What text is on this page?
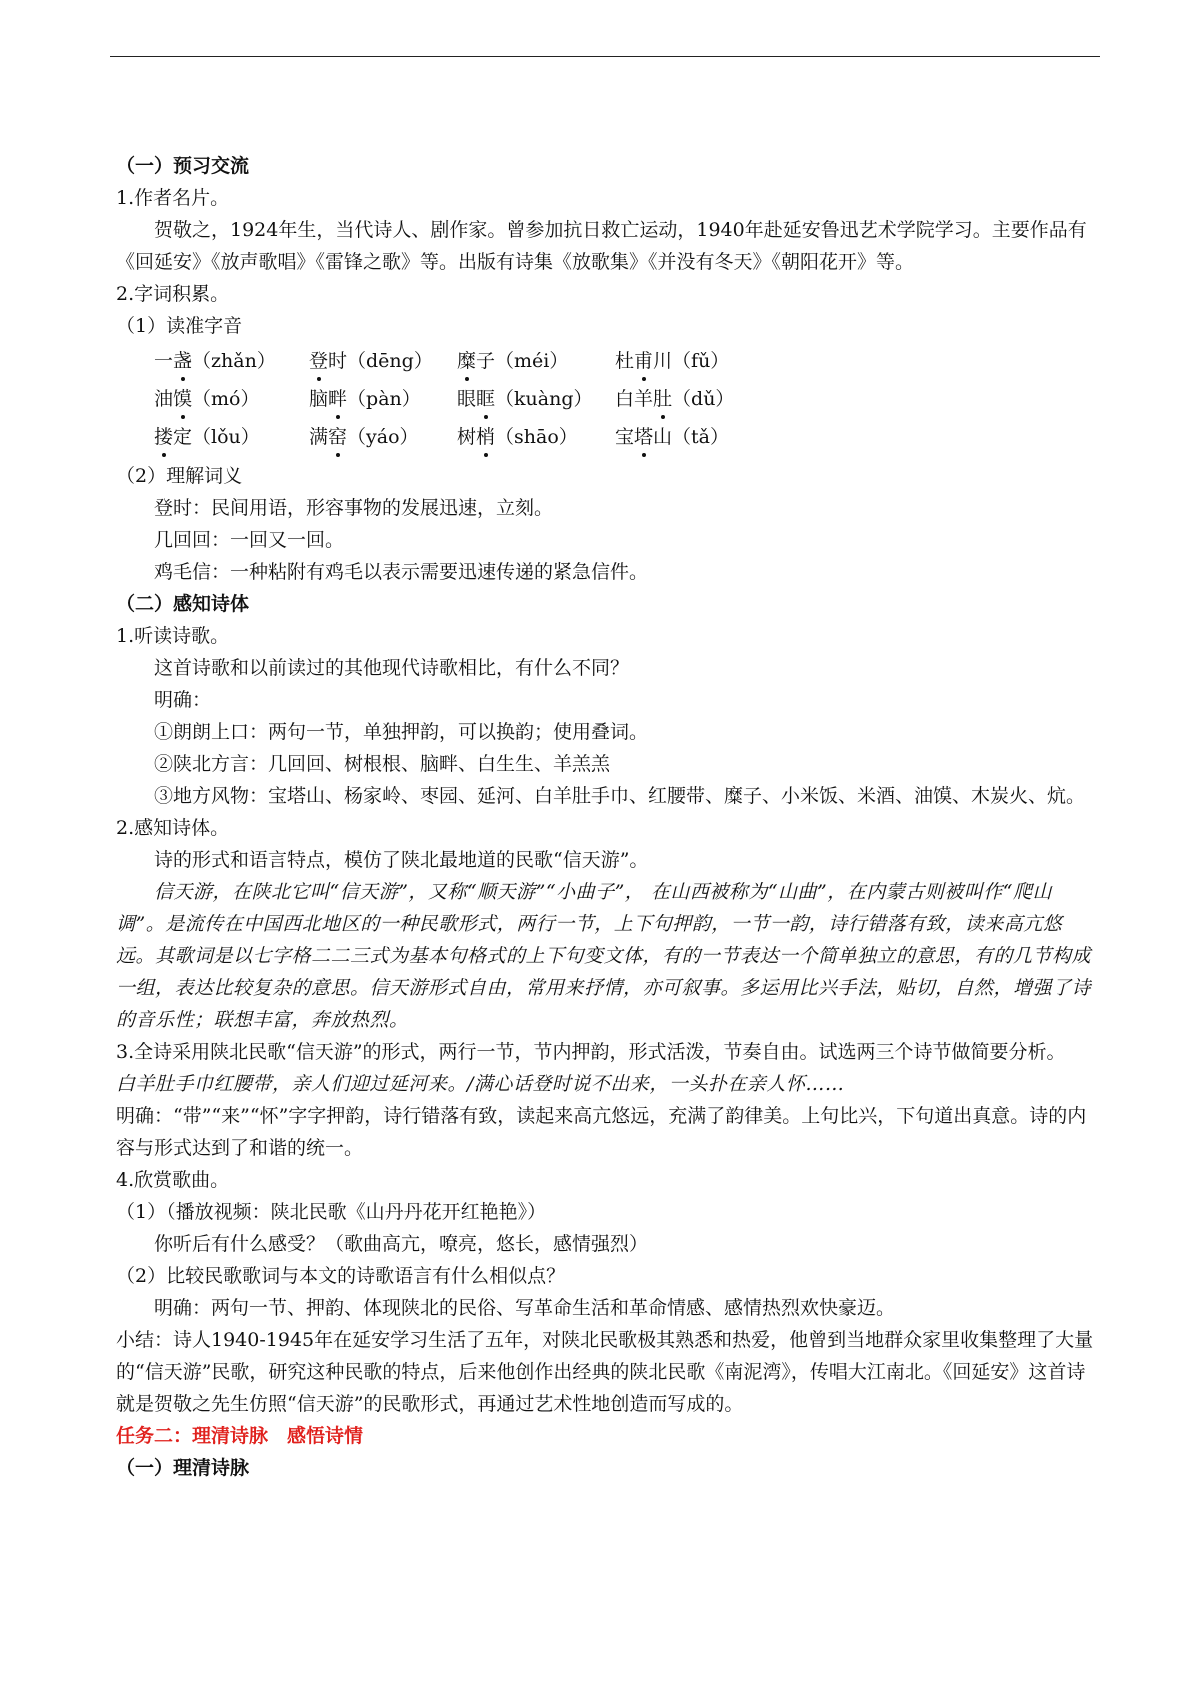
（一）预习交流
1.作者名片。
贺敬之，1924年生，当代诗人、剧作家。曾参加抗日救亡运动，1940年赴延安鲁迅艺术学院学习。主要作品有《回延安》《放声歌唱》《雷锋之歌》等。出版有诗集《放歌集》《并没有冬天》《朝阳花开》等。
2.字词积累。
（1）读准字音
一盏（zhǎn）	登时（dēng）	糜子（méi）	杜甫川（fǔ）
油馍（mó）	脑畔（pàn）	眼眶（kuàng）	白羊肚（dǔ）
搂定（lǒu）	满窑（yáo）	树梢（shāo）	宝塔山（tǎ）
（2）理解词义
登时：民间用语，形容事物的发展迅速，立刻。
几回回：一回又一回。
鸡毛信：一种粘附有鸡毛以表示需要迅速传递的紧急信件。
（二）感知诗体
1.听读诗歌。
这首诗歌和以前读过的其他现代诗歌相比，有什么不同？
明确：
①朗朗上口：两句一节，单独押韵，可以换韵；使用叠词。
②陕北方言：几回回、树根根、脑畔、白生生、羊羔羔
③地方风物：宝塔山、杨家岭、枣园、延河、白羊肚手巾、红腰带、糜子、小米饭、米酒、油馍、木炭火、炕。
2.感知诗体。
诗的形式和语言特点，模仿了陕北最地道的民歌“信天游”。
信天游，在陕北它叫“信天游”，又称“顺天游”“小曲子”， 在山西被称为“山曲”，在内蒙古则被叫作“爬山调”。是流传在中国西北地区的一种民歌形式，两行一节，上下句押韵，一节一韵，诗行错落有致，读来高亢悠远。其歌词是以七字格二二三式为基本句格式的上下句变文体，有的一节表达一个简单独立的意思，有的几节构成一组，表达比较复杂的意思。信天游形式自由，常用来抒情，亦可叙事。多运用比兴手法，贴切，自然，增强了诗的音乐性；联想丰富，奔放热烈。
3.全诗采用陕北民歌“信天游”的形式，两行一节，节内押韵，形式活泼，节奏自由。试选两三个诗节做简要分析。
白羊肚手巾红腰带，亲人们迎过延河来。/满心话登时说不出来，一头扑在亲人怀……
明确：“带”“来”“怀”字字押韵，诗行错落有致，读起来高亢悠远，充满了韵律美。上句比兴，下句道出真意。诗的内容与形式达到了和谐的统一。
4.欣赏歌曲。
（1）（播放视频：陕北民歌《山丹丹花开红艳艳》）
你听后有什么感受？（歌曲高亢，嘹亮，悠长，感情强烈）
（2）比较民歌歌词与本文的诗歌语言有什么相似点？
明确：两句一节、押韵、体现陕北的民俗、写革命生活和革命情感、感情热烈欢快豪迈。
小结：诗人1940-1945年在延安学习生活了五年，对陕北民歌极其熟悉和热爱，他曾到当地群众家里收集整理了大量的“信天游”民歌，研究这种民歌的特点，后来他创作出经典的陕北民歌《南泥湾》，传唱大江南北。《回延安》这首诗就是贺敬之先生仿照“信天游”的民歌形式，再通过艺术性地创造而写成的。
任务二：理清诗脉　感悟诗情
（一）理清诗脉
